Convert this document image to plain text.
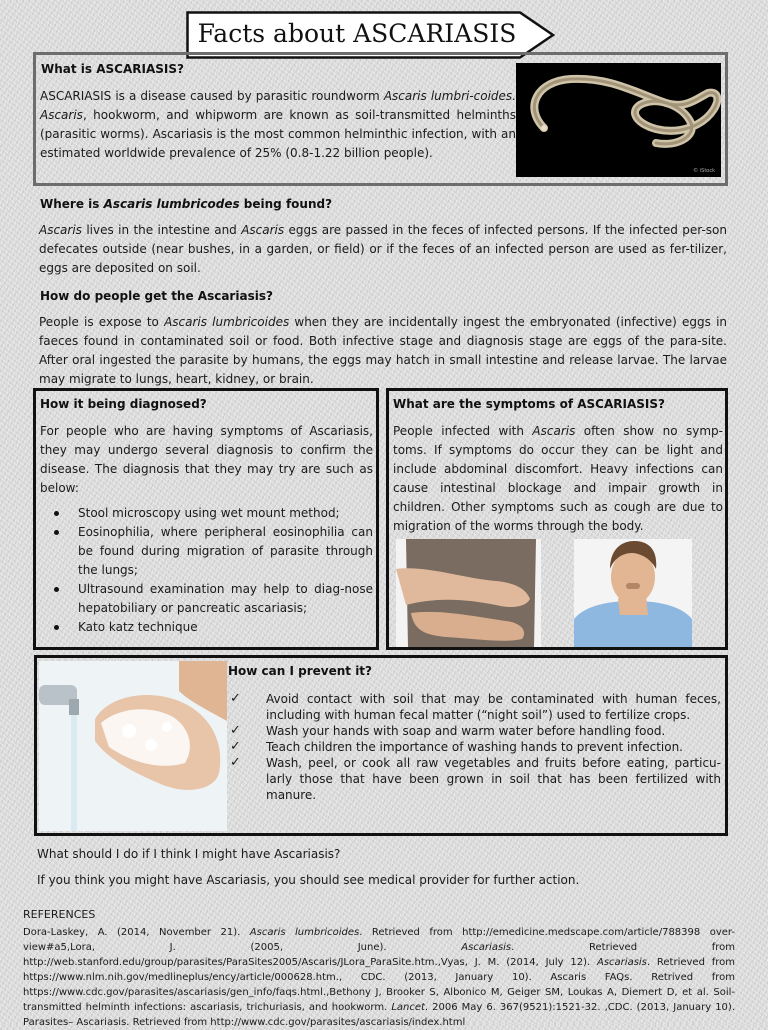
Facts about ASCARIASIS
What is ASCARIASIS?
ASCARIASIS is a disease caused by parasitic roundworm Ascaris lumbri-coides. Ascaris, hookworm, and whipworm are known as soil-transmitted helminths (parasitic worms). Ascariasis is the most common helminthic infection, with an estimated worldwide prevalence of 25% (0.8-1.22 billion people).
© iStock
Where is Ascaris lumbricodes being found?
Ascaris lives in the intestine and Ascaris eggs are passed in the feces of infected persons. If the infected per-son defecates outside (near bushes, in a garden, or field) or if the feces of an infected person are used as fer-tilizer, eggs are deposited on soil.
How do people get the Ascariasis?
People is expose to Ascaris lumbricoides when they are incidentally ingest the embryonated (infective) eggs in faeces found in contaminated soil or food. Both infective stage and diagnosis stage are eggs of the para-site. After oral ingested the parasite by humans, the eggs may hatch in small intestine and release larvae. The larvae may migrate to lungs, heart, kidney, or brain.
How it being diagnosed?
For people who are having symptoms of Ascariasis, they may undergo several diagnosis to confirm the disease. The diagnosis that they may try are such as below:
Stool microscopy using wet mount method;
Eosinophilia, where peripheral eosinophilia can be found during migration of parasite through the lungs;
Ultrasound examination may help to diag-nose hepatobiliary or pancreatic ascariasis;
Kato katz technique
What are the symptoms of ASCARIASIS?
People infected with Ascaris often show no symp-toms. If symptoms do occur they can be light and include abdominal discomfort. Heavy infections can cause intestinal blockage and impair growth in children. Other symptoms such as cough are due to migration of the worms through the body.
How can I prevent it?
✓ Avoid contact with soil that may be contaminated with human feces, including with human fecal matter (“night soil”) used to fertilize crops.
✓ Wash your hands with soap and warm water before handling food.
✓ Teach children the importance of washing hands to prevent infection.
✓ Wash, peel, or cook all raw vegetables and fruits before eating, particu-larly those that have been grown in soil that has been fertilized with manure.
What should I do if I think I might have Ascariasis?
If you think you might have Ascariasis, you should see medical provider for further action.
REFERENCES
Dora-Laskey, A. (2014, November 21). Ascaris lumbricoides. Retrieved from http://emedicine.medscape.com/article/788398 over-view#a5,Lora, J. (2005, June). Ascariasis. Retrieved from http://web.stanford.edu/group/parasites/ParaSites2005/Ascaris/JLora_ParaSite.htm.,Vyas, J. M. (2014, July 12). Ascariasis. Retrieved from https://www.nlm.nih.gov/medlineplus/ency/article/000628.htm., CDC. (2013, January 10). Ascaris FAQs. Retrived from https://www.cdc.gov/parasites/ascariasis/gen_info/faqs.html.,Bethony J, Brooker S, Albonico M, Geiger SM, Loukas A, Diemert D, et al. Soil-transmitted helminth infections: ascariasis, trichuriasis, and hookworm. Lancet. 2006 May 6. 367(9521):1521-32. ,CDC. (2013, January 10). Parasites– Ascariasis. Retrieved from http://www.cdc.gov/parasites/ascariasis/index.html
